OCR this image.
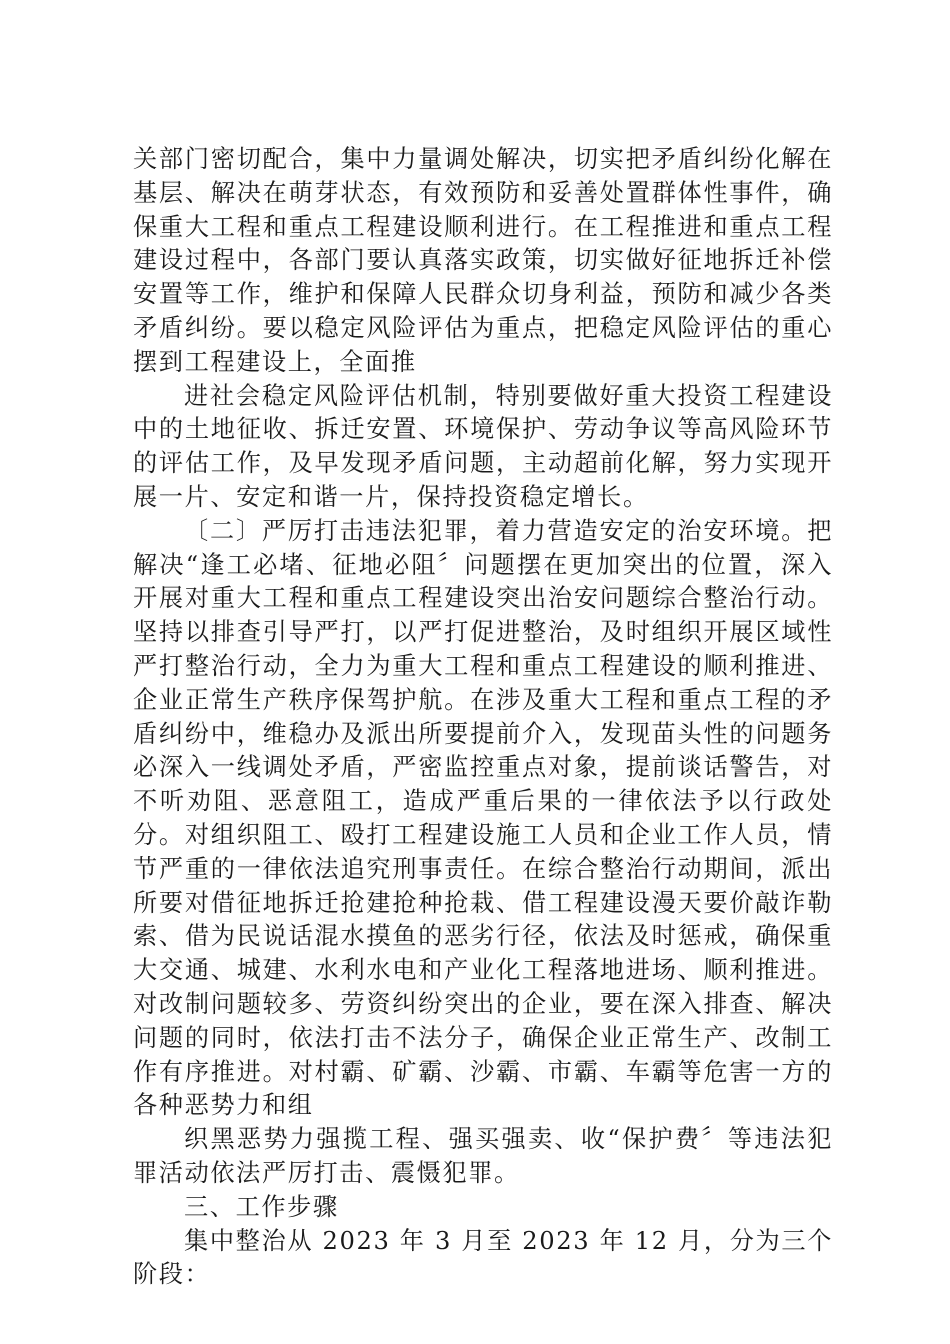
关部门密切配合，集中力量调处解决，切实把矛盾纠纷化解在基层、解决在萌芽状态，有效预防和妥善处置群体性事件，确保重大工程和重点工程建设顺利进行。在工程推进和重点工程建设过程中，各部门要认真落实政策，切实做好征地拆迁补偿安置等工作，维护和保障人民群众切身利益，预防和减少各类矛盾纠纷。要以稳定风险评估为重点，把稳定风险评估的重心摆到工程建设上，全面推

进社会稳定风险评估机制，特别要做好重大投资工程建设中的土地征收、拆迁安置、环境保护、劳动争议等高风险环节的评估工作，及早发现矛盾问题，主动超前化解，努力实现开展一片、安定和谐一片，保持投资稳定增长。

〔二〕严厉打击违法犯罪，着力营造安定的治安环境。把解决“逢工必堵、征地必阻〞问题摆在更加突出的位置，深入开展对重大工程和重点工程建设突出治安问题综合整治行动。坚持以排查引导严打，以严打促进整治，及时组织开展区域性严打整治行动，全力为重大工程和重点工程建设的顺利推进、企业正常生产秩序保驾护航。在涉及重大工程和重点工程的矛盾纠纷中，维稳办及派出所要提前介入，发现苗头性的问题务必深入一线调处矛盾，严密监控重点对象，提前谈话警告，对不听劝阻、恶意阻工，造成严重后果的一律依法予以行政处分。对组织阻工、殴打工程建设施工人员和企业工作人员，情节严重的一律依法追究刑事责任。在综合整治行动期间，派出所要对借征地拆迁抢建抢种抢栽、借工程建设漫天要价敲诈勒索、借为民说话混水摸鱼的恶劣行径，依法及时惩戒，确保重大交通、城建、水利水电和产业化工程落地进场、顺利推进。对改制问题较多、劳资纠纷突出的企业，要在深入排查、解决问题的同时，依法打击不法分子，确保企业正常生产、改制工作有序推进。对村霸、矿霸、沙霸、市霸、车霸等危害一方的各种恶势力和组

织黑恶势力强揽工程、强买强卖、收“保护费〞等违法犯罪活动依法严厉打击、震慑犯罪。

三、工作步骤

集中整治从 2023 年 3 月至 2023 年 12 月，分为三个阶段：
